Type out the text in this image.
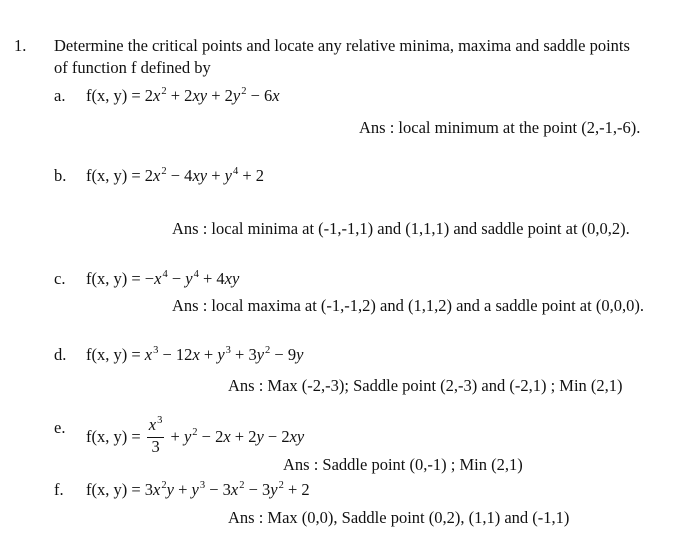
1. Determine the critical points and locate any relative minima, maxima and saddle points
of function f defined by
a. f(x, $y) = 2x^2 + 2xy + 2y^2 - 6x$
Ans : local minimum at the point (2,-1,-6).
b. f(x, $y) = 2x^2 - 4xy + y^4 + 2$
Ans : local minima at (-1,-1,1) and (1,1,1) and saddle point at (0,0,2).
c. f(x, $y) = -x^4 - y^4 + 4xy$
Ans : local maxima at (-1,-1,2) and (1,1,2) and a saddle point at (0,0,0).
d. f(x, $y) = x^3 - 12x + y^3 + 3y^2 - 9y$
Ans : Max (-2,-3); Saddle point (2,-3) and (-2,1) ; Min (2,1)
e. f(x, $y) = \frac{x^3}{3} + y^2 - 2x + 2y - 2xy$
Ans : Saddle point (0,-1) ; Min (2,1)
f. f(x, $y) = 3x^2y + y^3 - 3x^2 - 3y^2 + 2$
Ans : Max (0,0), Saddle point (0,2), (1,1) and (-1,1)
